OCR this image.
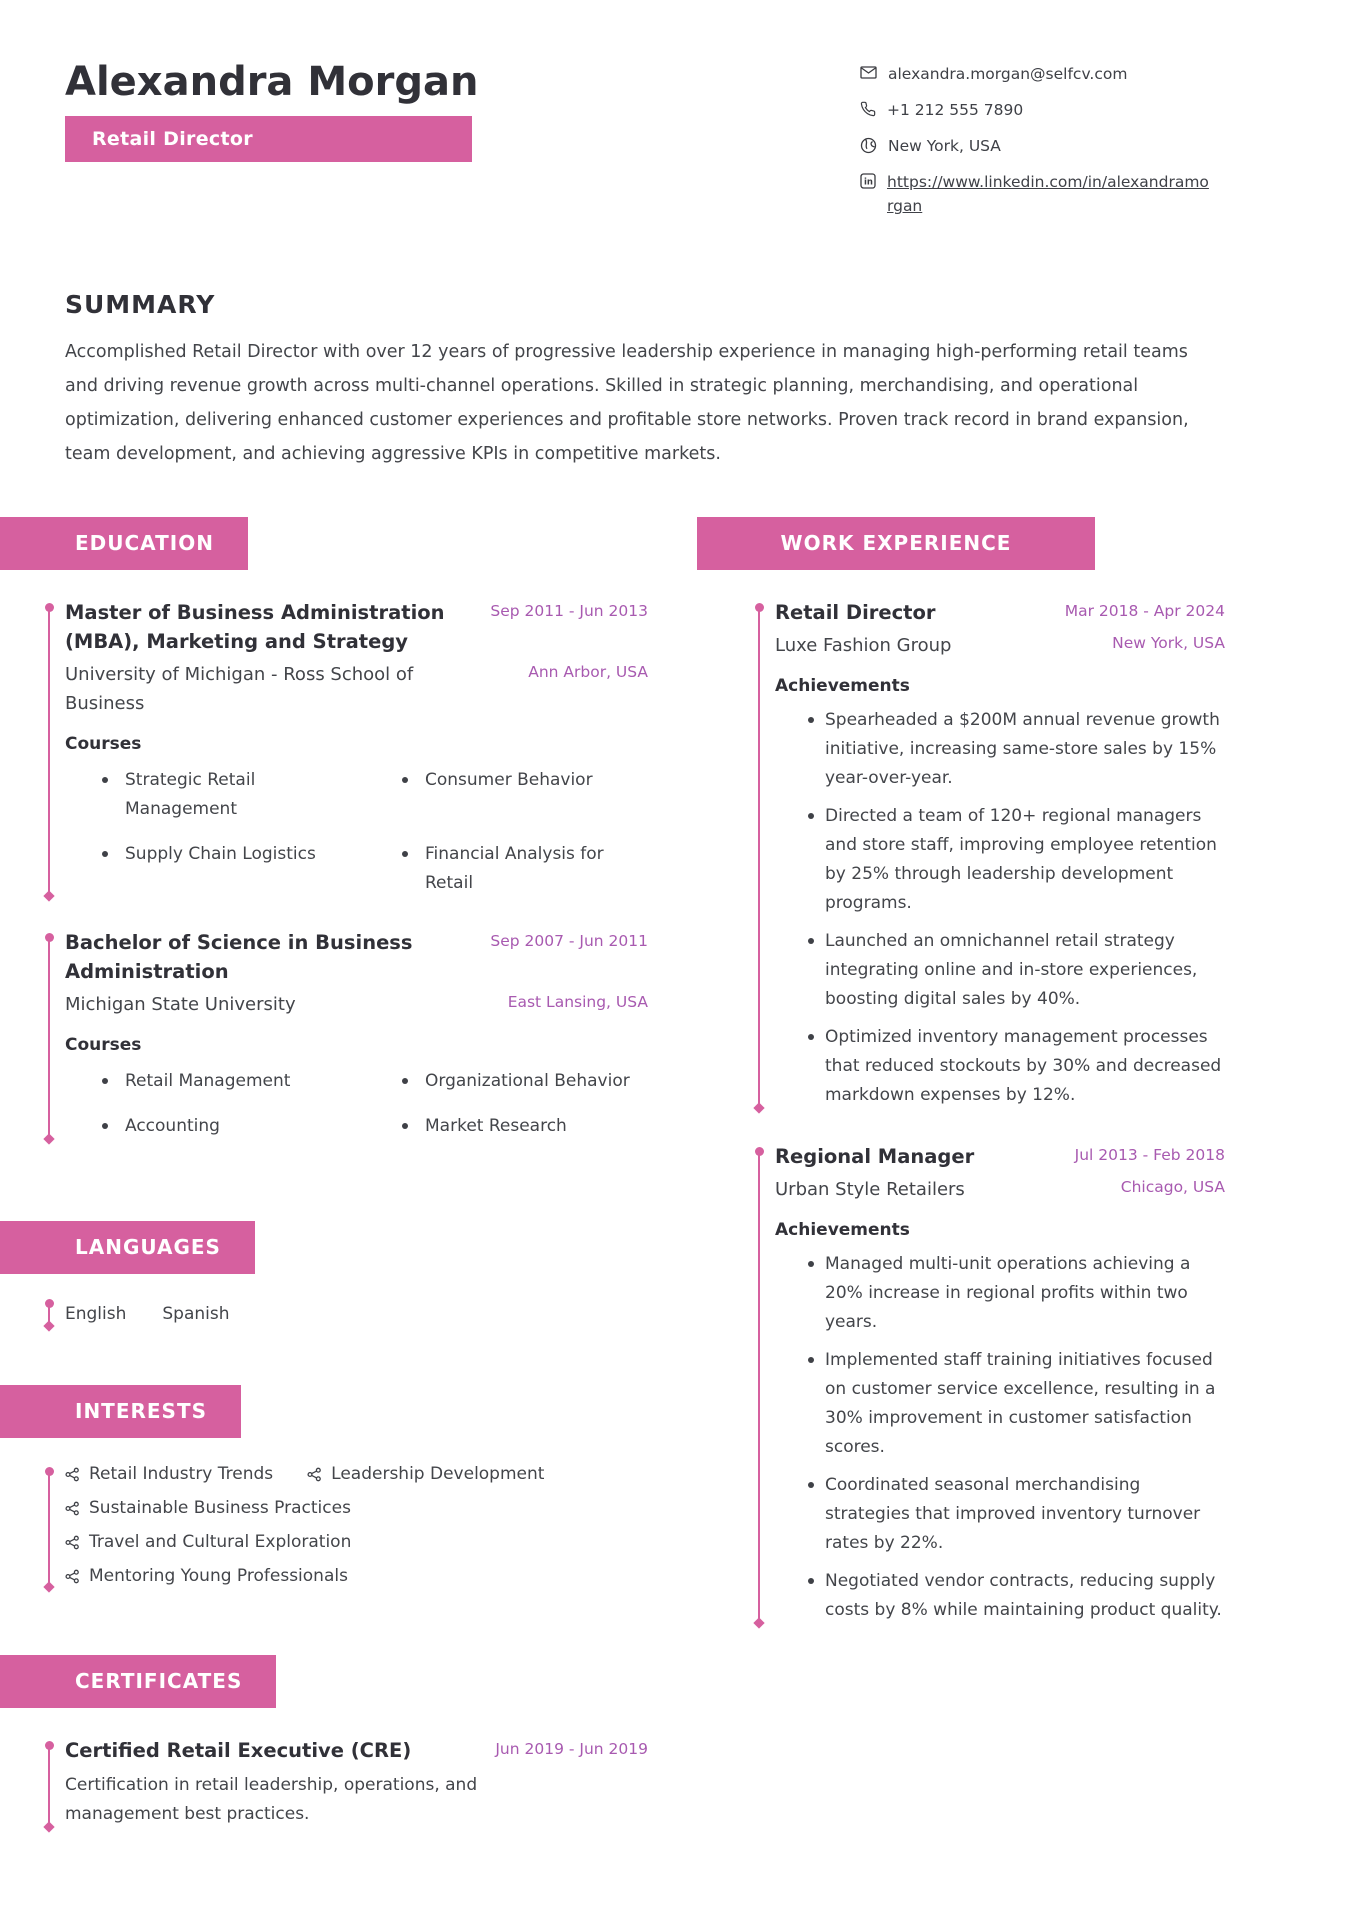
Alexandra Morgan
Retail Director
alexandra.morgan@selfcv.com
+1 212 555 7890
New York, USA
in https://www.linkedin.com/in/alexandramorgan
SUMMARY
Accomplished Retail Director with over 12 years of progressive leadership experience in managing high-performing retail teams and driving revenue growth across multi-channel operations. Skilled in strategic planning, merchandising, and operational optimization, delivering enhanced customer experiences and profitable store networks. Proven track record in brand expansion, team development, and achieving aggressive KPIs in competitive markets.
EDUCATION
Master of Business Administration (MBA), Marketing and Strategy
Sep 2011 - Jun 2013
University of Michigan - Ross School of Business
Ann Arbor, USA
Courses
Strategic Retail Management
Consumer Behavior
Supply Chain Logistics	Financial Analysis for Retail
Bachelor of Science in Business Administration
Sep 2007 - Jun 2011
Michigan State University	East Lansing, USA
Courses
Retail Management	Organizational Behavior
Accounting	Market Research
LANGUAGES
English Spanish
INTERESTS
Retail Industry Trends	Leadership Development
Sustainable Business Practices
Travel and Cultural Exploration
Mentoring Young Professionals
CERTIFICATES
Certified Retail Executive (CRE)	Jun 2019 - Jun 2019
Certification in retail leadership, operations, and management best practices.
WORK EXPERIENCE
Retail Director	Mar 2018 - Apr 2024
Luxe Fashion Group	New York, USA
Achievements
Spearheaded a $200M annual revenue growth initiative, increasing same-store sales by 15% year-over-year.
Directed a team of 120+ regional managers and store staff, improving employee retention by 25% through leadership development programs.
Launched an omnichannel retail strategy integrating online and in-store experiences, boosting digital sales by 40%.
Optimized inventory management processes that reduced stockouts by 30% and decreased markdown expenses by 12%.
Regional Manager	Jul 2013 - Feb 2018
Urban Style Retailers	Chicago, USA
Achievements
Managed multi-unit operations achieving a 20% increase in regional profits within two years.
Implemented staff training initiatives focused on customer service excellence, resulting in a 30% improvement in customer satisfaction scores.
Coordinated seasonal merchandising strategies that improved inventory turnover rates by 22%.
Negotiated vendor contracts, reducing supply costs by 8% while maintaining product quality.
